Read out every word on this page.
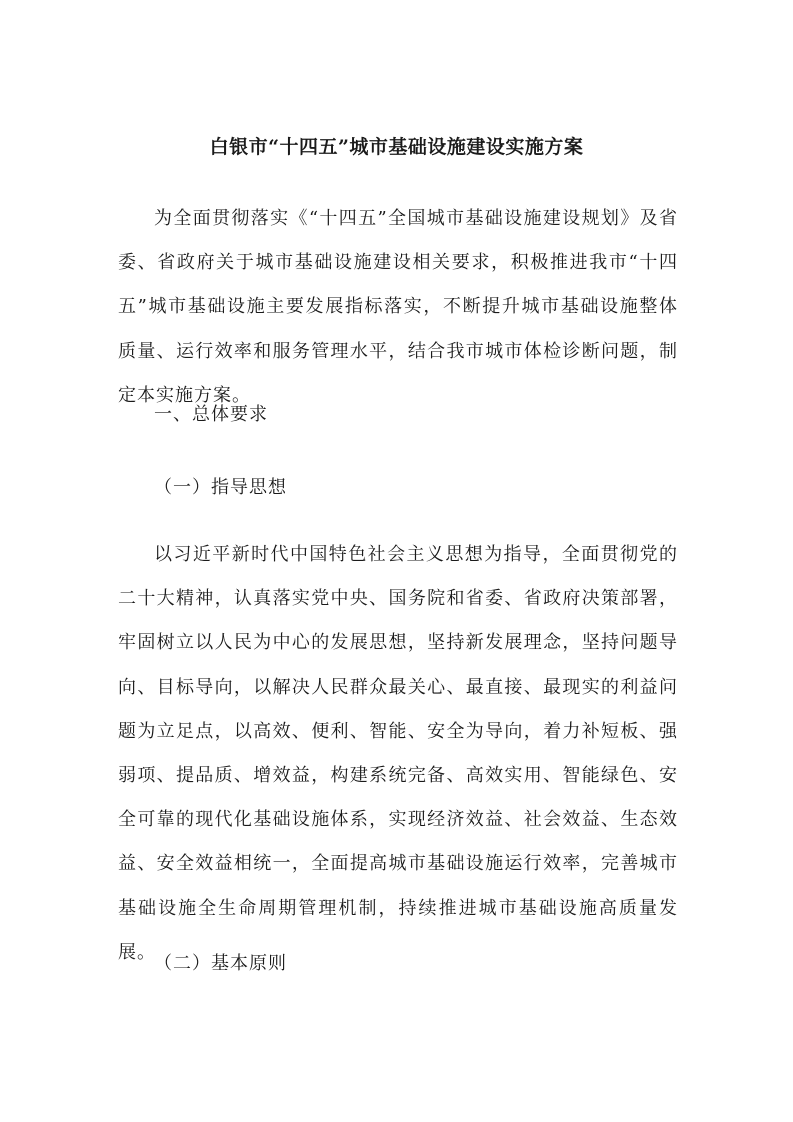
白银市“十四五”城市基础设施建设实施方案

为全面贯彻落实《“十四五”全国城市基础设施建设规划》及省委、省政府关于城市基础设施建设相关要求，积极推进我市“十四五”城市基础设施主要发展指标落实，不断提升城市基础设施整体质量、运行效率和服务管理水平，结合我市城市体检诊断问题，制定本实施方案。

一、总体要求

（一）指导思想

以习近平新时代中国特色社会主义思想为指导，全面贯彻党的二十大精神，认真落实党中央、国务院和省委、省政府决策部署，牢固树立以人民为中心的发展思想，坚持新发展理念，坚持问题导向、目标导向，以解决人民群众最关心、最直接、最现实的利益问题为立足点，以高效、便利、智能、安全为导向，着力补短板、强弱项、提品质、增效益，构建系统完备、高效实用、智能绿色、安全可靠的现代化基础设施体系，实现经济效益、社会效益、生态效益、安全效益相统一，全面提高城市基础设施运行效率，完善城市基础设施全生命周期管理机制，持续推进城市基础设施高质量发展。

（二）基本原则
